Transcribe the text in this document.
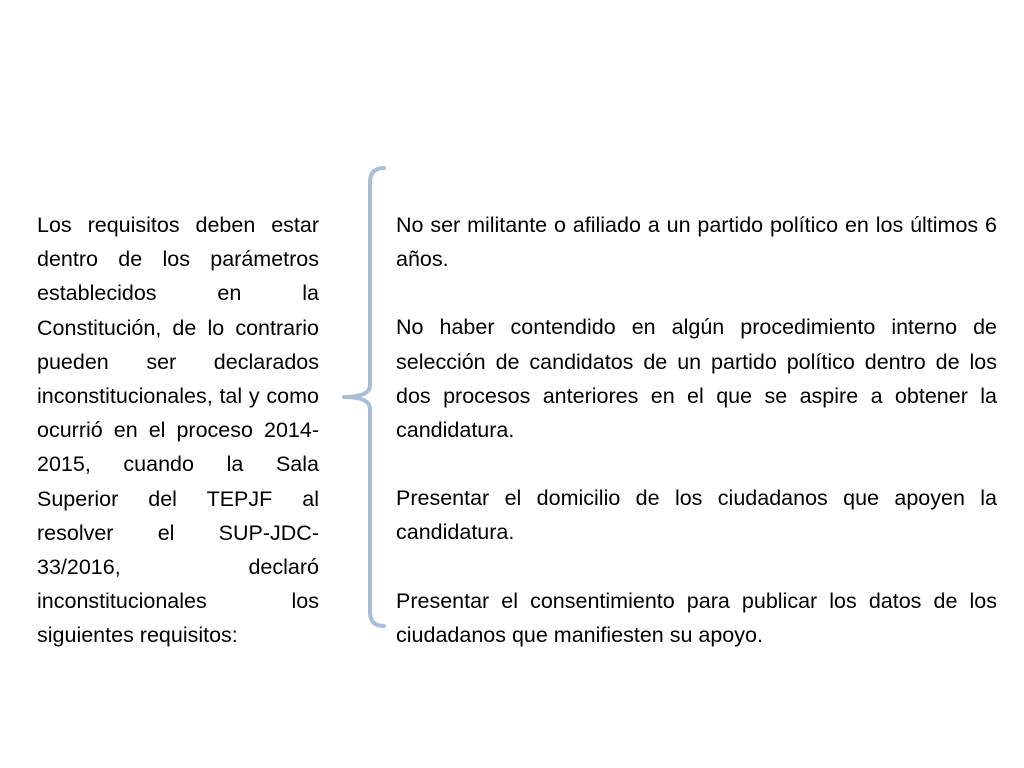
Los requisitos deben estar dentro de los parámetros establecidos en la Constitución, de lo contrario pueden ser declarados inconstitucionales, tal y como ocurrió en el proceso 2014-2015, cuando la Sala Superior del TEPJF al resolver el SUP-JDC-33/2016, declaró inconstitucionales los siguientes requisitos:

No ser militante o afiliado a un partido político en los últimos 6 años.
No haber contendido en algún procedimiento interno de selección de candidatos de un partido político dentro de los dos procesos anteriores en el que se aspire a obtener la candidatura.
Presentar el domicilio de los ciudadanos que apoyen la candidatura.
Presentar el consentimiento para publicar los datos de los ciudadanos que manifiesten su apoyo.
